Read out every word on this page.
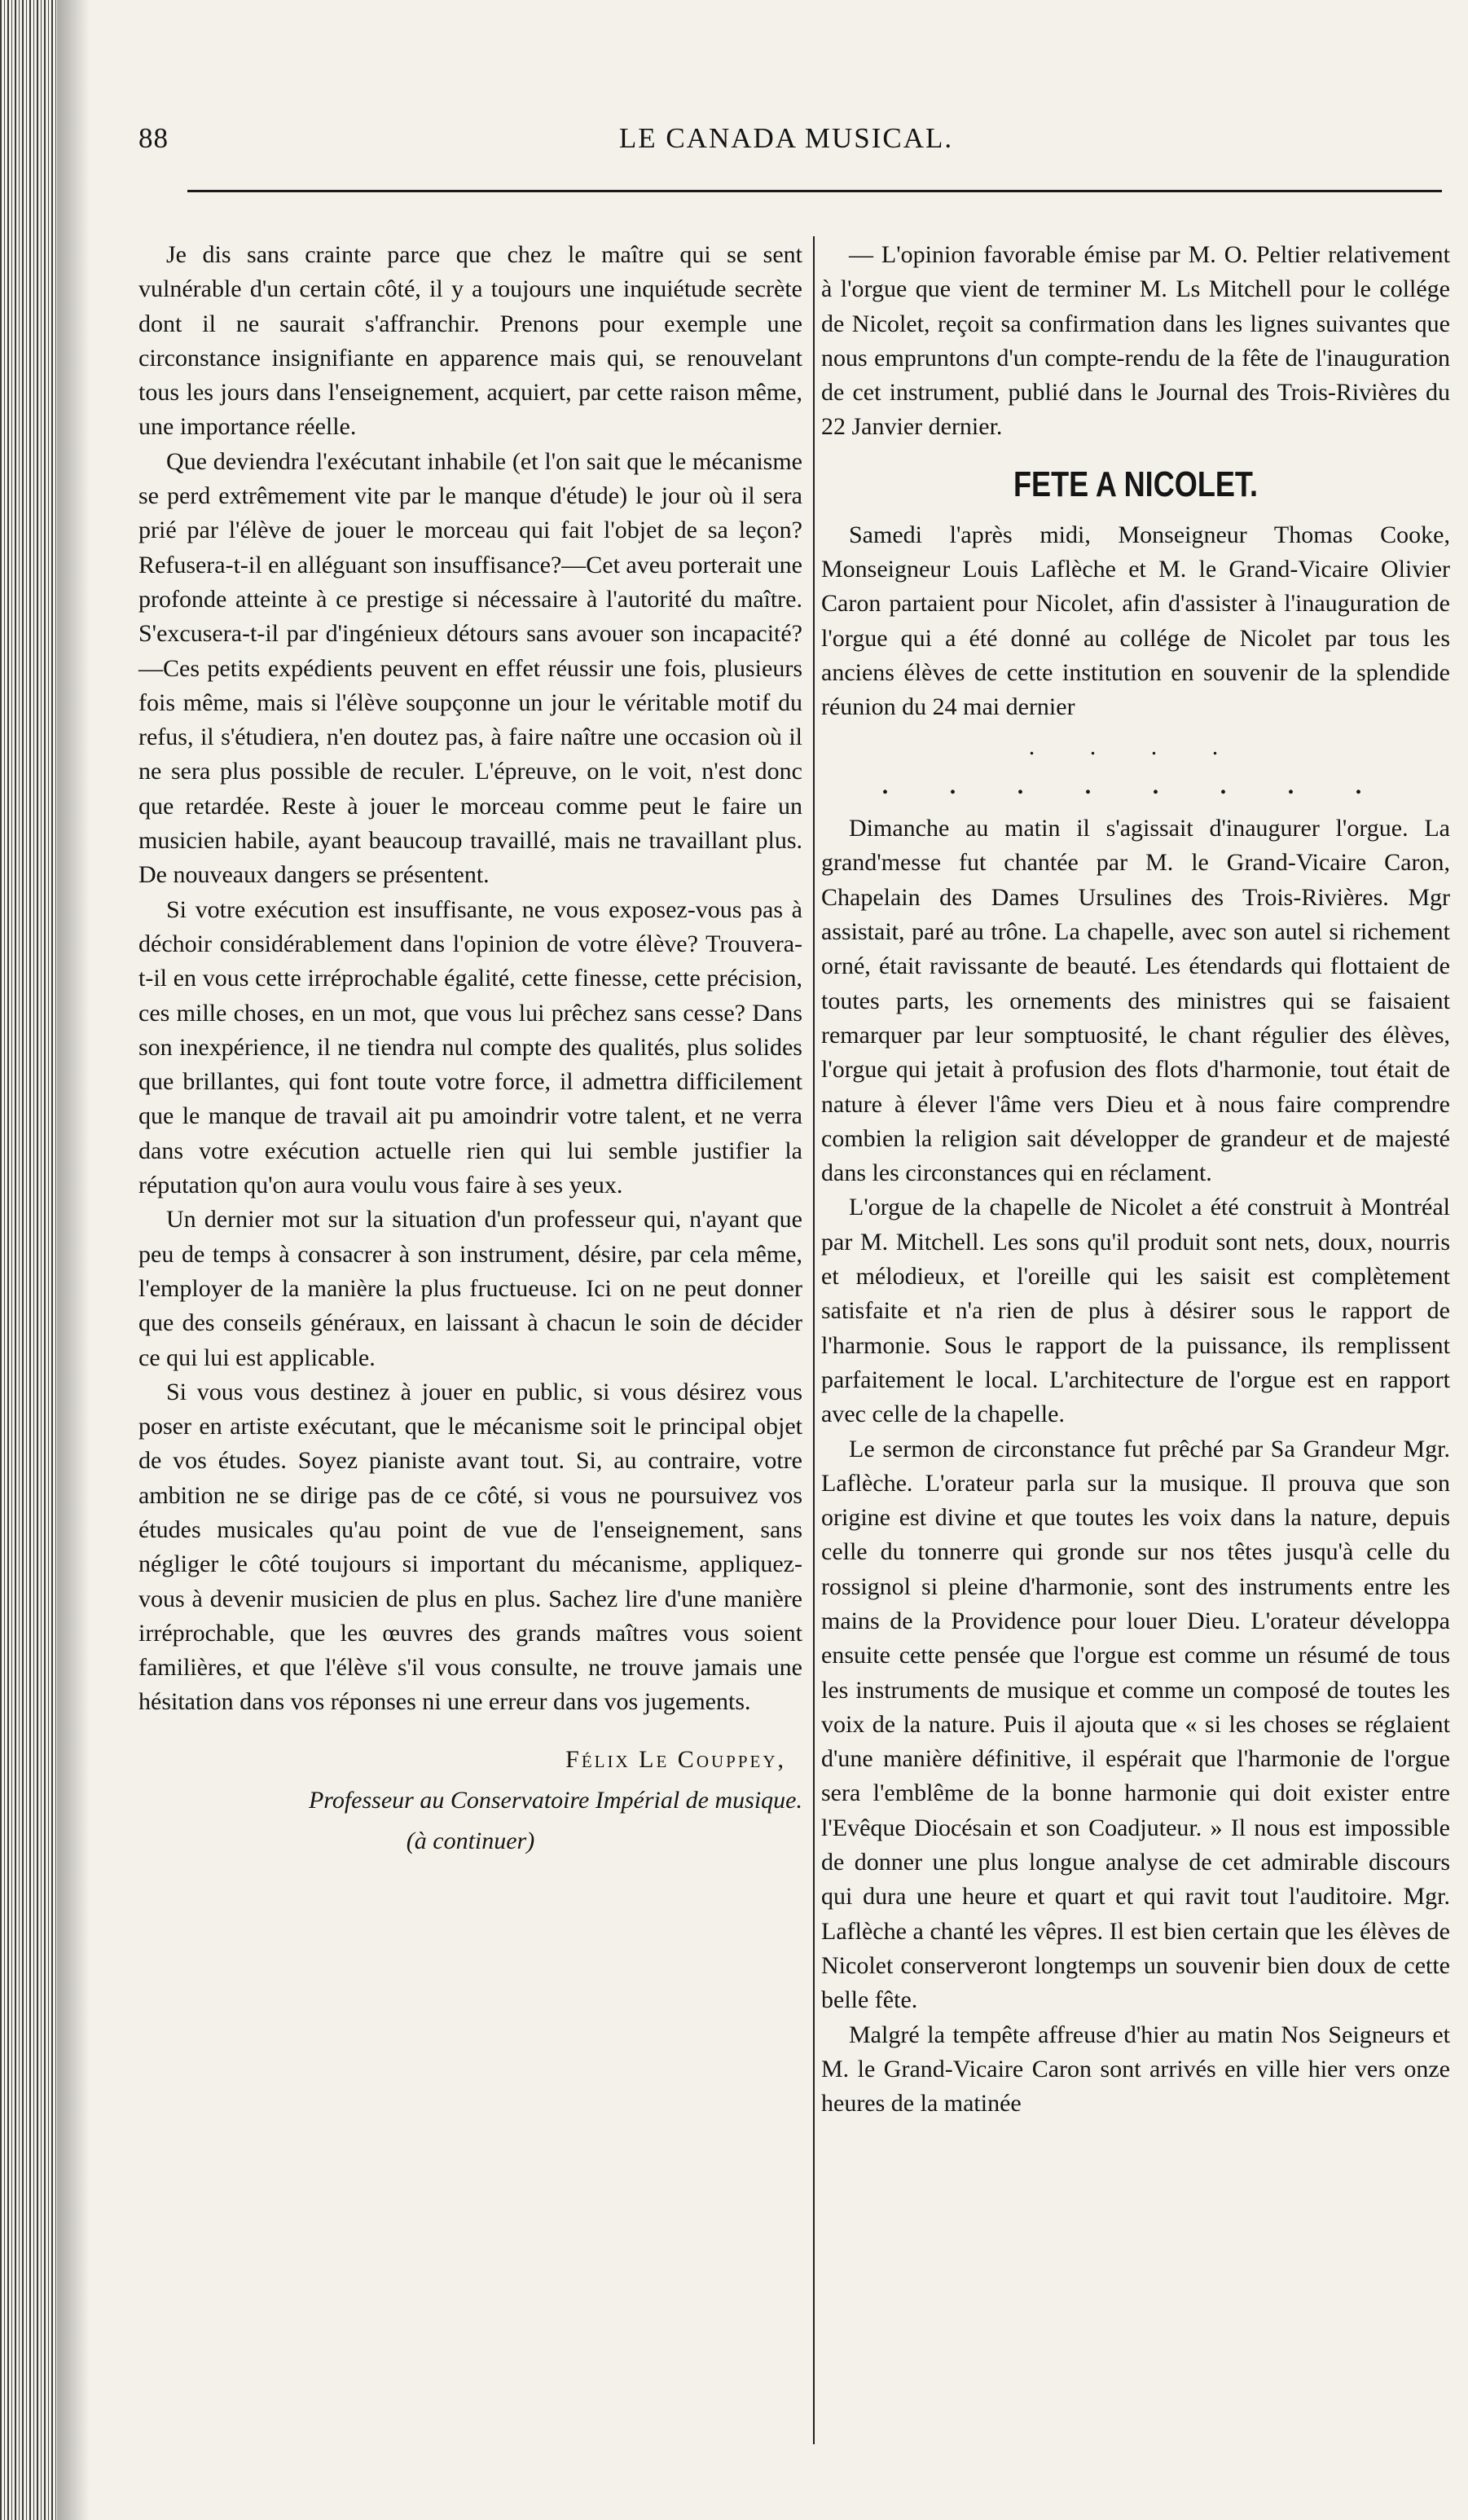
88	LE CANADA MUSICAL.

Je dis sans crainte parce que chez le maître qui se sent vulnérable d'un certain côté, il y a toujours une inquiétude secrète dont il ne saurait s'affranchir. Prenons pour exemple une circonstance insignifiante en apparence mais qui, se renouvelant tous les jours dans l'enseignement, acquiert, par cette raison même, une importance réelle.

Que deviendra l'exécutant inhabile (et l'on sait que le mécanisme se perd extrêmement vite par le manque d'étude) le jour où il sera prié par l'élève de jouer le morceau qui fait l'objet de sa leçon? Refusera-t-il en alléguant son insuffisance?—Cet aveu porterait une profonde atteinte à ce prestige si nécessaire à l'autorité du maître. S'excusera-t-il par d'ingénieux détours sans avouer son incapacité?—Ces petits expédients peuvent en effet réussir une fois, plusieurs fois même, mais si l'élève soupçonne un jour le véritable motif du refus, il s'étudiera, n'en doutez pas, à faire naître une occasion où il ne sera plus possible de reculer. L'épreuve, on le voit, n'est donc que retardée. Reste à jouer le morceau comme peut le faire un musicien habile, ayant beaucoup travaillé, mais ne travaillant plus. De nouveaux dangers se présentent.

Si votre exécution est insuffisante, ne vous exposez-vous pas à déchoir considérablement dans l'opinion de votre élève? Trouvera-t-il en vous cette irréprochable égalité, cette finesse, cette précision, ces mille choses, en un mot, que vous lui prêchez sans cesse? Dans son inexpérience, il ne tiendra nul compte des qualités, plus solides que brillantes, qui font toute votre force, il admettra difficilement que le manque de travail ait pu amoindrir votre talent, et ne verra dans votre exécution actuelle rien qui lui semble justifier la réputation qu'on aura voulu vous faire à ses yeux.

Un dernier mot sur la situation d'un professeur qui, n'ayant que peu de temps à consacrer à son instrument, désire, par cela même, l'employer de la manière la plus fructueuse. Ici on ne peut donner que des conseils généraux, en laissant à chacun le soin de décider ce qui lui est applicable.

Si vous vous destinez à jouer en public, si vous désirez vous poser en artiste exécutant, que le mécanisme soit le principal objet de vos études. Soyez pianiste avant tout. Si, au contraire, votre ambition ne se dirige pas de ce côté, si vous ne poursuivez vos études musicales qu'au point de vue de l'enseignement, sans négliger le côté toujours si important du mécanisme, appliquez-vous à devenir musicien de plus en plus. Sachez lire d'une manière irréprochable, que les œuvres des grands maîtres vous soient familières, et que l'élève s'il vous consulte, ne trouve jamais une hésitation dans vos réponses ni une erreur dans vos jugements.

Félix Le Couppey,
Professeur au Conservatoire Impérial de musique.
(à continuer)

— L'opinion favorable émise par M. O. Peltier relativement à l'orgue que vient de terminer M. Ls Mitchell pour le collége de Nicolet, reçoit sa confirmation dans les lignes suivantes que nous empruntons d'un compte-rendu de la fête de l'inauguration de cet instrument, publié dans le Journal des Trois-Rivières du 22 Janvier dernier.

FETE A NICOLET.

Samedi l'après midi, Monseigneur Thomas Cooke, Monseigneur Louis Laflèche et M. le Grand-Vicaire Olivier Caron partaient pour Nicolet, afin d'assister à l'inauguration de l'orgue qui a été donné au collége de Nicolet par tous les anciens élèves de cette institution en souvenir de la splendide réunion du 24 mai dernier

. . . .
. . . . . . . .

Dimanche au matin il s'agissait d'inaugurer l'orgue. La grand'messe fut chantée par M. le Grand-Vicaire Caron, Chapelain des Dames Ursulines des Trois-Rivières. Mgr assistait, paré au trône. La chapelle, avec son autel si richement orné, était ravissante de beauté. Les étendards qui flottaient de toutes parts, les ornements des ministres qui se faisaient remarquer par leur somptuosité, le chant régulier des élèves, l'orgue qui jetait à profusion des flots d'harmonie, tout était de nature à élever l'âme vers Dieu et à nous faire comprendre combien la religion sait développer de grandeur et de majesté dans les circonstances qui en réclament.

L'orgue de la chapelle de Nicolet a été construit à Montréal par M. Mitchell. Les sons qu'il produit sont nets, doux, nourris et mélodieux, et l'oreille qui les saisit est complètement satisfaite et n'a rien de plus à désirer sous le rapport de l'harmonie. Sous le rapport de la puissance, ils remplissent parfaitement le local. L'architecture de l'orgue est en rapport avec celle de la chapelle.

Le sermon de circonstance fut prêché par Sa Grandeur Mgr. Laflèche. L'orateur parla sur la musique. Il prouva que son origine est divine et que toutes les voix dans la nature, depuis celle du tonnerre qui gronde sur nos têtes jusqu'à celle du rossignol si pleine d'harmonie, sont des instruments entre les mains de la Providence pour louer Dieu. L'orateur développa ensuite cette pensée que l'orgue est comme un résumé de tous les instruments de musique et comme un composé de toutes les voix de la nature. Puis il ajouta que « si les choses se réglaient d'une manière définitive, il espérait que l'harmonie de l'orgue sera l'emblême de la bonne harmonie qui doit exister entre l'Evêque Diocésain et son Coadjuteur. » Il nous est impossible de donner une plus longue analyse de cet admirable discours qui dura une heure et quart et qui ravit tout l'auditoire. Mgr. Laflèche a chanté les vêpres. Il est bien certain que les élèves de Nicolet conserveront longtemps un souvenir bien doux de cette belle fête.

Malgré la tempête affreuse d'hier au matin Nos Seigneurs et M. le Grand-Vicaire Caron sont arrivés en ville hier vers onze heures de la matinée
